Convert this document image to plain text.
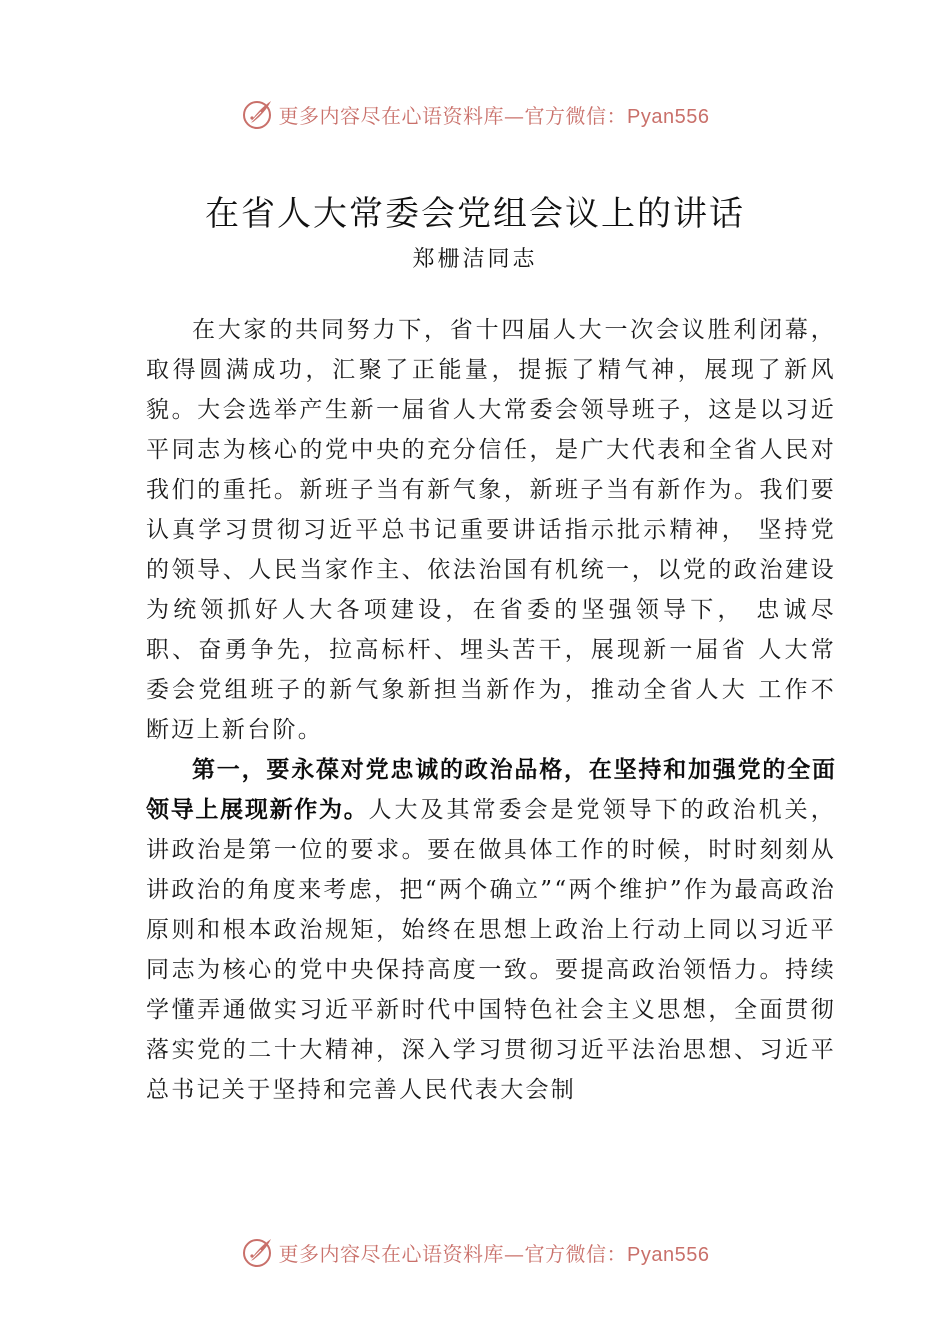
更多内容尽在心语资料库—官方微信：Pyan556
在省人大常委会党组会议上的讲话
郑栅洁同志

在大家的共同努力下，省十四届人大一次会议胜利闭幕，取得圆满成功，汇聚了正能量，提振了精气神，展现了新风貌。大会选举产生新一届省人大常委会领导班子，这是以习近平同志为核心的党中央的充分信任，是广大代表和全省人民对我们的重托。新班子当有新气象，新班子当有新作为。我们要认真学习贯彻习近平总书记重要讲话指示批示精神， 坚持党的领导、人民当家作主、依法治国有机统一，以党的政治建设为统领抓好人大各项建设，在省委的坚强领导下， 忠诚尽职、奋勇争先，拉高标杆、埋头苦干，展现新一届省 人大常委会党组班子的新气象新担当新作为，推动全省人大 工作不断迈上新台阶。

第一，要永葆对党忠诚的政治品格，在坚持和加强党的全面领导上展现新作为。人大及其常委会是党领导下的政治机关，讲政治是第一位的要求。要在做具体工作的时候，时时刻刻从讲政治的角度来考虑，把“两个确立”“两个维护”作为最高政治原则和根本政治规矩，始终在思想上政治上行动上同以习近平同志为核心的党中央保持高度一致。要提高政治领悟力。持续学懂弄通做实习近平新时代中国特色社会主义思想，全面贯彻落实党的二十大精神，深入学习贯彻习近平法治思想、习近平总书记关于坚持和完善人民代表大会制

更多内容尽在心语资料库—官方微信：Pyan556
